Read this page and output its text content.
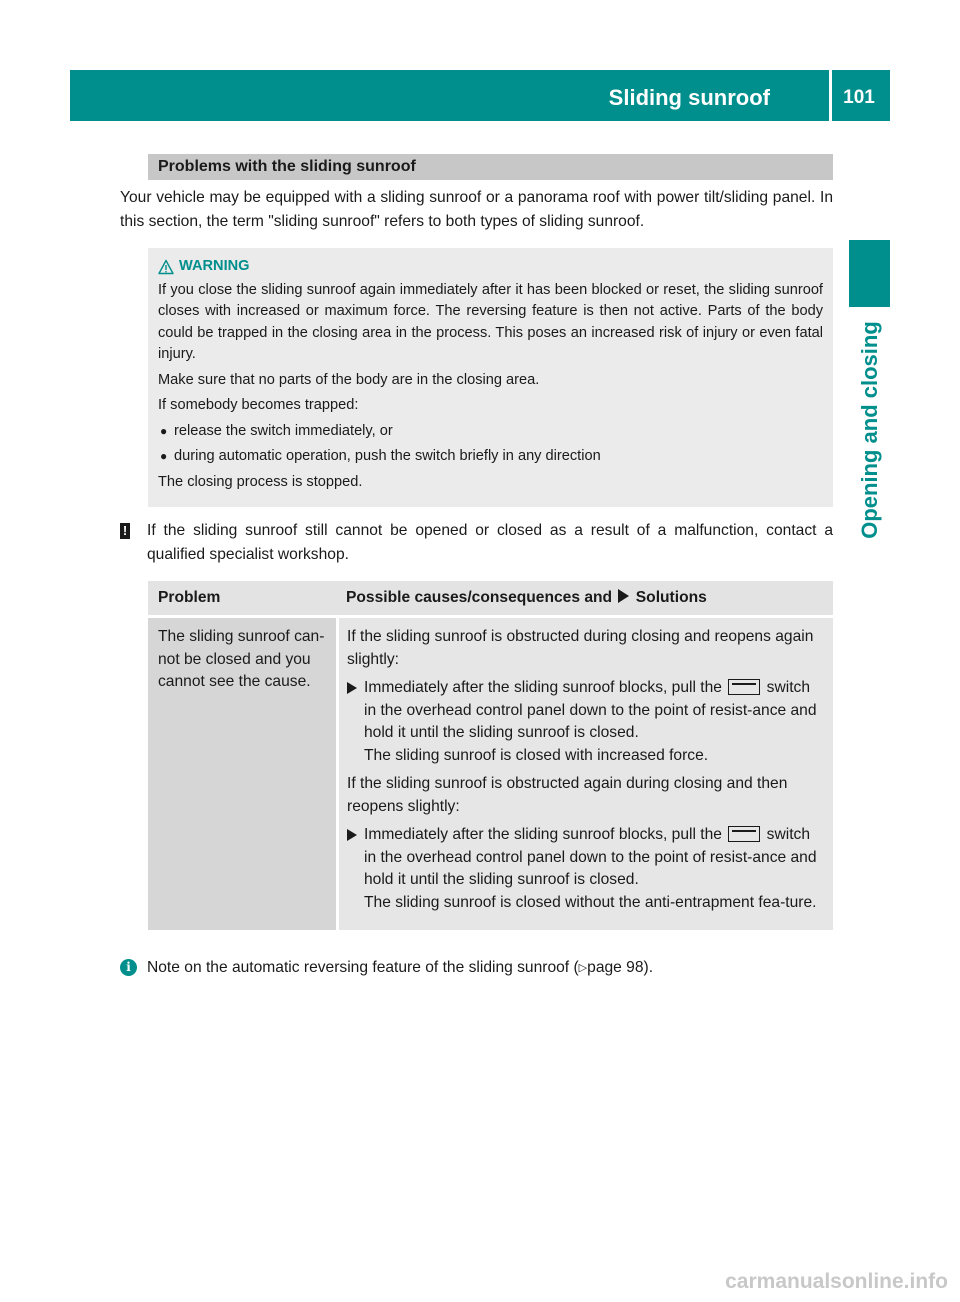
Sliding sunroof	101
Opening and closing
Problems with the sliding sunroof

Your vehicle may be equipped with a sliding sunroof or a panorama roof with power tilt/sliding panel. In this section, the term "sliding sunroof" refers to both types of sliding sunroof.

WARNING

If you close the sliding sunroof again immediately after it has been blocked or reset, the sliding sunroof closes with increased or maximum force. The reversing feature is then not active. Parts of the body could be trapped in the closing area in the process. This poses an increased risk of injury or even fatal injury.

Make sure that no parts of the body are in the closing area.

If somebody becomes trapped:

● release the switch immediately, or
● during automatic operation, push the switch briefly in any direction

The closing process is stopped.

! If the sliding sunroof still cannot be opened or closed as a result of a malfunction, contact a qualified specialist workshop.
Problem	Possible causes/consequences and Solutions
The sliding sunroof can-not be closed and you cannot see the cause.

If the sliding sunroof is obstructed during closing and reopens again slightly:

Immediately after the sliding sunroof blocks, pull the	switch in the overhead control panel down to the point of resist-ance and hold it until the sliding sunroof is closed.
The sliding sunroof is closed with increased force.

If the sliding sunroof is obstructed again during closing and then reopens slightly:

Immediately after the sliding sunroof blocks, pull the	switch in the overhead control panel down to the point of resist-ance and hold it until the sliding sunroof is closed.
The sliding sunroof is closed without the anti-entrapment fea-ture.
i	Note on the automatic reversing feature of the sliding sunroof (▷page 98).
carmanualsonline.info
